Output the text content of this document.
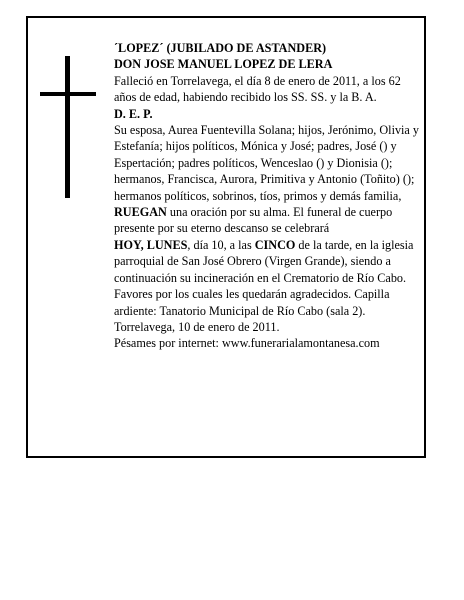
´LOPEZ´ (JUBILADO DE ASTANDER)

DON JOSE MANUEL LOPEZ DE LERA

Falleció en Torrelavega, el día 8 de enero de 2011, a los 62 años de edad, habiendo recibido los SS. SS. y la B. A.

D. E. P.

Su esposa, Aurea Fuentevilla Solana; hijos, Jerónimo, Olivia y Estefanía; hijos políticos, Mónica y José; padres, José () y Espertación; padres políticos, Wenceslao () y Dionisia (); hermanos, Francisca, Aurora, Primitiva y Antonio (Toñito) (); hermanos políticos, sobrinos, tíos, primos y demás familia,
RUEGAN una oración por su alma. El funeral de cuerpo presente por su eterno descanso se celebrará
HOY, LUNES, día 10, a las CINCO de la tarde, en la iglesia parroquial de San José Obrero (Virgen Grande), siendo a continuación su incineración en el Crematorio de Río Cabo. Favores por los cuales les quedarán agradecidos. Capilla ardiente: Tanatorio Municipal de Río Cabo (sala 2).

Torrelavega, 10 de enero de 2011.

Pésames por internet: www.funerarialamontanesa.com
